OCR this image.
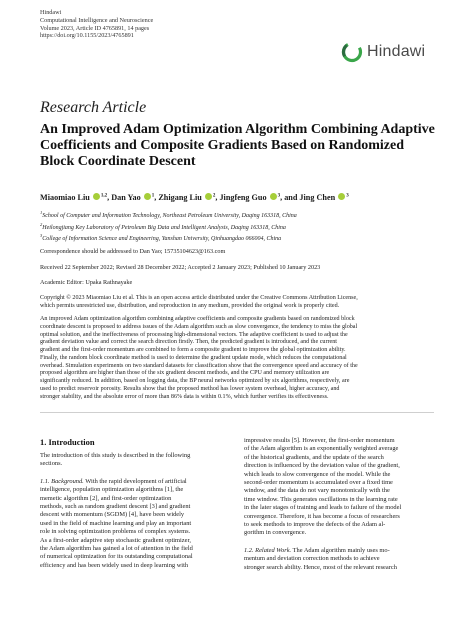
Hindawi
Computational Intelligence and Neuroscience
Volume 2023, Article ID 4765891, 14 pages
https://doi.org/10.1155/2023/4765891
Hindawi
Research Article
An Improved Adam Optimization Algorithm Combining Adaptive
Coefficients and Composite Gradients Based on Randomized
Block Coordinate Descent
Miaomiao Liu $^{1,2}$, Dan Yao $^1$, Zhigang Liu $^2$, Jingfeng Guo $^3$, and Jing Chen $^3$
$^1$School of Computer and Information Technology, Northeast Petroleum University, Daqing 163318, China
$^2$Heilongjiang Key Laboratory of Petroleum Big Data and Intelligent Analysis, Daqing 163318, China
$^3$College of Information Science and Engineering, Yanshan University, Qinhuangdao 066004, China
Correspondence should be addressed to Dan Yao; 15735104623@163.com
Received 22 September 2022; Revised 28 December 2022; Accepted 2 January 2023; Published 10 January 2023
Academic Editor: Upaka Rathnayake
Copyright © 2023 Miaomiao Liu et al. This is an open access article distributed under the Creative Commons Attribution License,
which permits unrestricted use, distribution, and reproduction in any medium, provided the original work is properly cited.
An improved Adam optimization algorithm combining adaptive coefficients and composite gradients based on randomized block
coordinate descent is proposed to address issues of the Adam algorithm such as slow convergence, the tendency to miss the global
optimal solution, and the ineffectiveness of processing high-dimensional vectors. The adaptive coefficient is used to adjust the
gradient deviation value and correct the search direction firstly. Then, the predicted gradient is introduced, and the current
gradient and the first-order momentum are combined to form a composite gradient to improve the global optimization ability.
Finally, the random block coordinate method is used to determine the gradient update mode, which reduces the computational
overhead. Simulation experiments on two standard datasets for classification show that the convergence speed and accuracy of the
proposed algorithm are higher than those of the six gradient descent methods, and the CPU and memory utilization are
significantly reduced. In addition, based on logging data, the BP neural networks optimized by six algorithms, respectively, are
used to predict reservoir porosity. Results show that the proposed method has lower system overhead, higher accuracy, and
stronger stability, and the absolute error of more than 86% data is within 0.1%, which further verifies its effectiveness.
1. Introduction
The introduction of this study is described in the following
sections.
1.1. Background. With the rapid development of artificial
intelligence, population optimization algorithms [1], the
memetic algorithm [2], and first-order optimization
methods, such as random gradient descent [3] and gradient
descent with momentum (SGDM) [4], have been widely
used in the field of machine learning and play an important
role in solving optimization problems of complex systems.
As a first-order adaptive step stochastic gradient optimizer,
the Adam algorithm has gained a lot of attention in the field
of numerical optimization for its outstanding computational
efficiency and has been widely used in deep learning with
impressive results [5]. However, the first-order momentum
of the Adam algorithm is an exponentially weighted average
of the historical gradients, and the update of the search
direction is influenced by the deviation value of the gradient,
which leads to slow convergence of the model. While the
second-order momentum is accumulated over a fixed time
window, and the data do not vary monotonically with the
time window. This generates oscillations in the learning rate
in the later stages of training and leads to failure of the model
convergence. Therefore, it has become a focus of researchers
to seek methods to improve the defects of the Adam al-
gorithm in convergence.
1.2. Related Work. The Adam algorithm mainly uses mo-
mentum and deviation correction methods to achieve
stronger search ability. Hence, most of the relevant research
